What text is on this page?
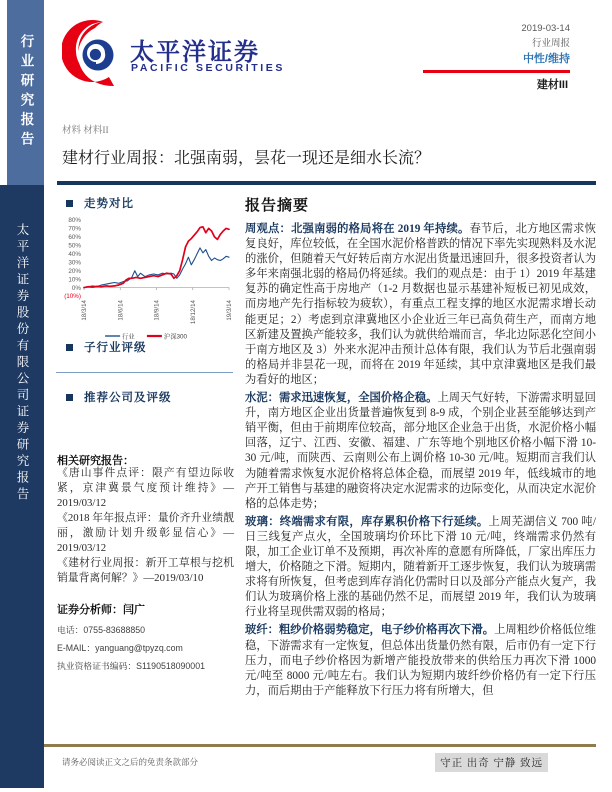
行业研究报告
太平洋证券股份有限公司证券研究报告
太平洋证券
PACIFIC SECURITIES
2019-03-14
行业周报
中性/维持
建材III
材料 材料II
建材行业周报：北强南弱，昙花一现还是细水长流？
走势对比
80%
70%
60%
50%
40%
30%
20%
10%
0%
(10%)
18/3/14	18/6/14	18/9/14	18/12/14	19/3/14
行业	沪深300
子行业评级
推荐公司及评级
相关研究报告：
《唐山事件点评：限产有望边际收紧，京津冀景气度预计维持》—2019/03/12
《2018 年年报点评：量价齐升业绩靓丽，激励计划升级彰显信心》—2019/03/12
《建材行业周报：新开工草根与挖机销量背离何解？》—2019/03/10
证券分析师：闫广
电话：0755-83688850
E-MAIL：yanguang@tpyzq.com
执业资格证书编码：S1190518090001
报告摘要

周观点：北强南弱的格局将在 2019 年持续。春节后，北方地区需求恢复良好，库位较低，在全国水泥价格普跌的情况下率先实现熟料及水泥的涨价，但随着天气好转后南方水泥出货量迅速回升，很多投资者认为多年来南强北弱的格局仍将延续。我们的观点是：由于 1）2019 年基建复苏的确定性高于房地产（1-2 月数据也显示基建补短板已初见成效，而房地产先行指标较为疲软），有重点工程支撑的地区水泥需求增长动能更足；2）考虑到京津冀地区小企业近三年已高负荷生产，而南方地区新建及置换产能较多，我们认为就供给端而言，华北边际恶化空间小于南方地区及 3）外来水泥冲击预计总体有限，我们认为节后北强南弱的格局并非昙花一现，而将在 2019 年延续，其中京津冀地区是我们最为看好的地区；

水泥：需求迅速恢复，全国价格企稳。上周天气好转，下游需求明显回升，南方地区企业出货量普遍恢复到 8-9 成，个别企业甚至能够达到产销平衡，但由于前期库位较高，部分地区企业急于出货，水泥价格小幅回落，辽宁、江西、安徽、福建、广东等地个别地区价格小幅下滑 10-30 元/吨，而陕西、云南则公布上调价格 10-30 元/吨。短期而言我们认为随着需求恢复水泥价格将总体企稳，而展望 2019 年，低线城市的地产开工销售与基建的融资将决定水泥需求的边际变化，从而决定水泥价格的总体走势；

玻璃：终端需求有限，库存累积价格下行延续。上周芜湖信义 700 吨/日三线复产点火，全国玻璃均价环比下滑 10 元/吨，终端需求仍然有限，加工企业订单不及预期，再次补库的意愿有所降低，厂家出库压力增大，价格随之下滑。短期内，随着新开工逐步恢复，我们认为玻璃需求将有所恢复，但考虑到库存消化仍需时日以及部分产能点火复产，我们认为玻璃价格上涨的基础仍然不足，而展望 2019 年，我们认为玻璃行业将呈现供需双弱的格局；

玻纤：粗纱价格弱势稳定，电子纱价格再次下滑。上周粗纱价格低位维稳，下游需求有一定恢复，但总体出货量仍然有限，后市仍有一定下行压力，而电子纱价格因为新增产能投放带来的供给压力再次下滑 1000 元/吨至 8000 元/吨左右。我们认为短期内玻纤纱价格仍有一定下行压力，而后期由于产能释放下行压力将有所增大，但

请务必阅读正文之后的免责条款部分	守正 出奇 宁静 致远
